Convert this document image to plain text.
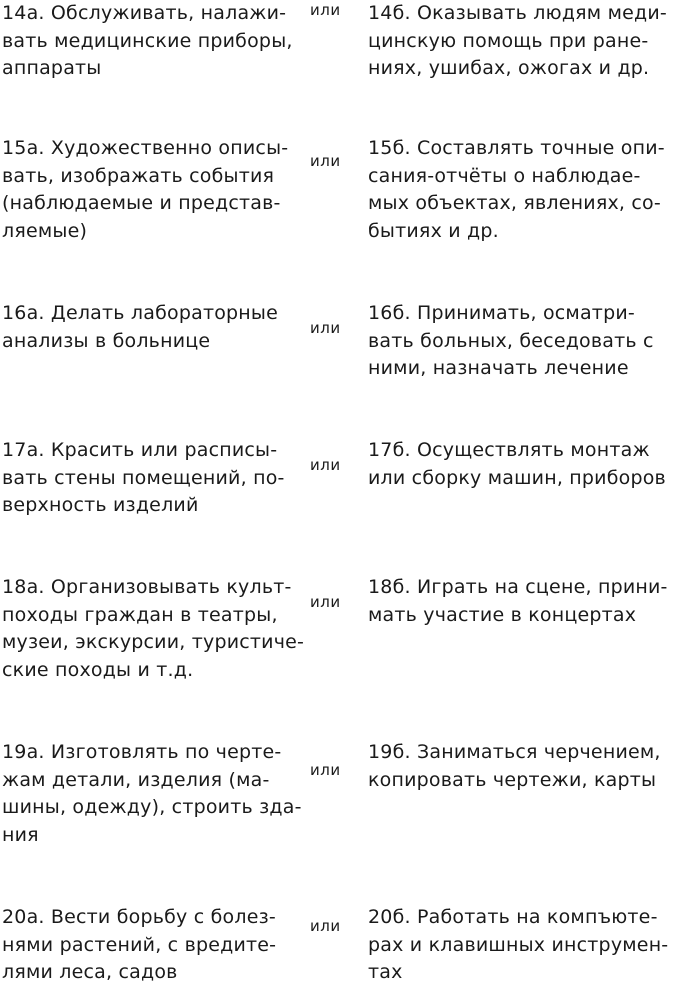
14а. Обслуживать, налажи-
вать медицинские приборы,
аппараты
или 14б. Оказывать людям меди-
цинскую помощь при ране-
ниях, ушибах, ожогах и др.
15а. Художественно описы-
вать, изображать события
(наблюдаемые и представ-
ляемые)
или
15б. Составлять точные опи-
сания-отчёты о наблюдае-
мых объектах, явлениях, со-
бытиях и др.
16а. Делать лабораторные
анализы в больнице
или
16б. Принимать, осматри-
вать больных, беседовать с
ними, назначать лечение
17а. Красить или расписы-
вать стены помещений, по-
верхность изделий
или
17б. Осуществлять монтаж
или сборку машин, приборов
18а. Организовывать культ-
походы граждан в театры,
музеи, экскурсии, туристиче-
ские походы и т.д.
или
18б. Играть на сцене, прини-
мать участие в концертах
19а. Изготовлять по черте-
жам детали, изделия (ма-
шины, одежду), строить зда-
ния
или
19б. Заниматься черчением,
копировать чертежи, карты
20а. Вести борьбу с болез-
нями растений, с вредите-
лями леса, садов
или 20б. Работать на компъюте-
рах и клавишных инструмен-
тах
